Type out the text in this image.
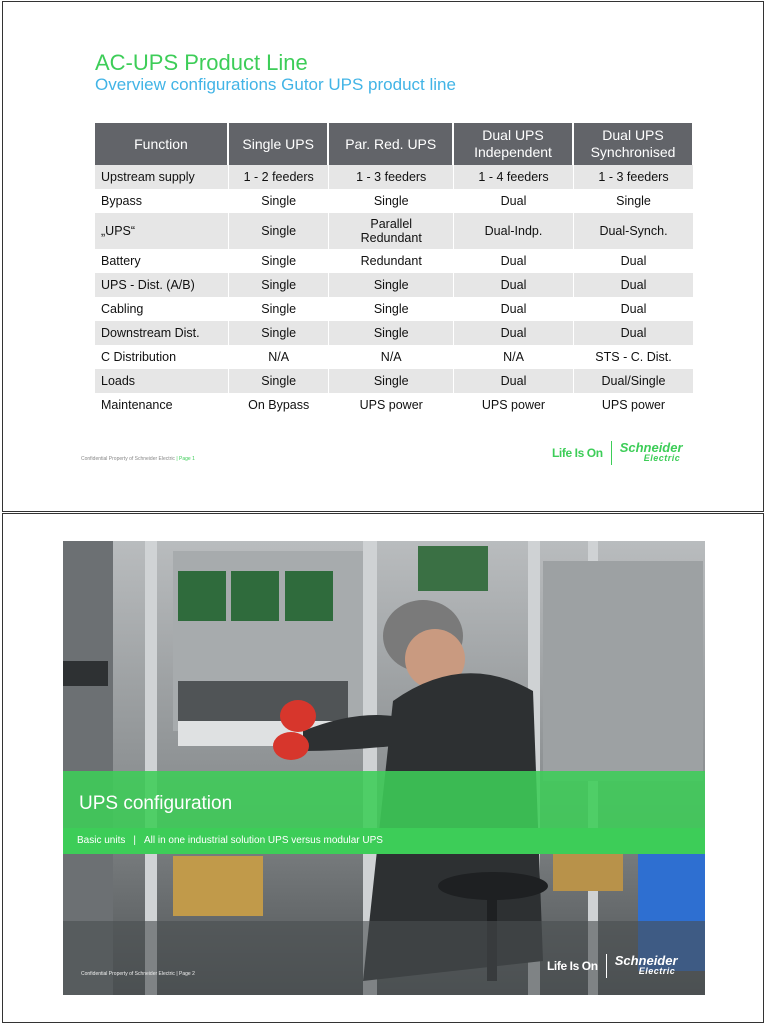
AC-UPS Product Line
Overview configurations Gutor UPS product line
Function	Single UPS	Par. Red. UPS	Dual UPS Independent	Dual UPS Synchronised
Upstream supply	1 - 2 feeders	1 - 3 feeders	1 - 4 feeders	1 - 3 feeders
Bypass	Single	Single	Dual	Single
„UPS“	Single	Parallel Redundant	Dual-Indp.	Dual-Synch.
Battery	Single	Redundant	Dual	Dual
UPS - Dist. (A/B)	Single	Single	Dual	Dual
Cabling	Single	Single	Dual	Dual
Downstream Dist.	Single	Single	Dual	Dual
C Distribution	N/A	N/A	N/A	STS - C. Dist.
Loads	Single	Single	Dual	Dual/Single
Maintenance	On Bypass	UPS power	UPS power	UPS power
Confidential Property of Schneider Electric | Page 1	Life Is On Schneider
Electric
UPS configuration
Basic units | All in one industrial solution UPS versus modular UPS
Confidential Property of Schneider Electric | Page 2
Life Is On Schneider
Electric
